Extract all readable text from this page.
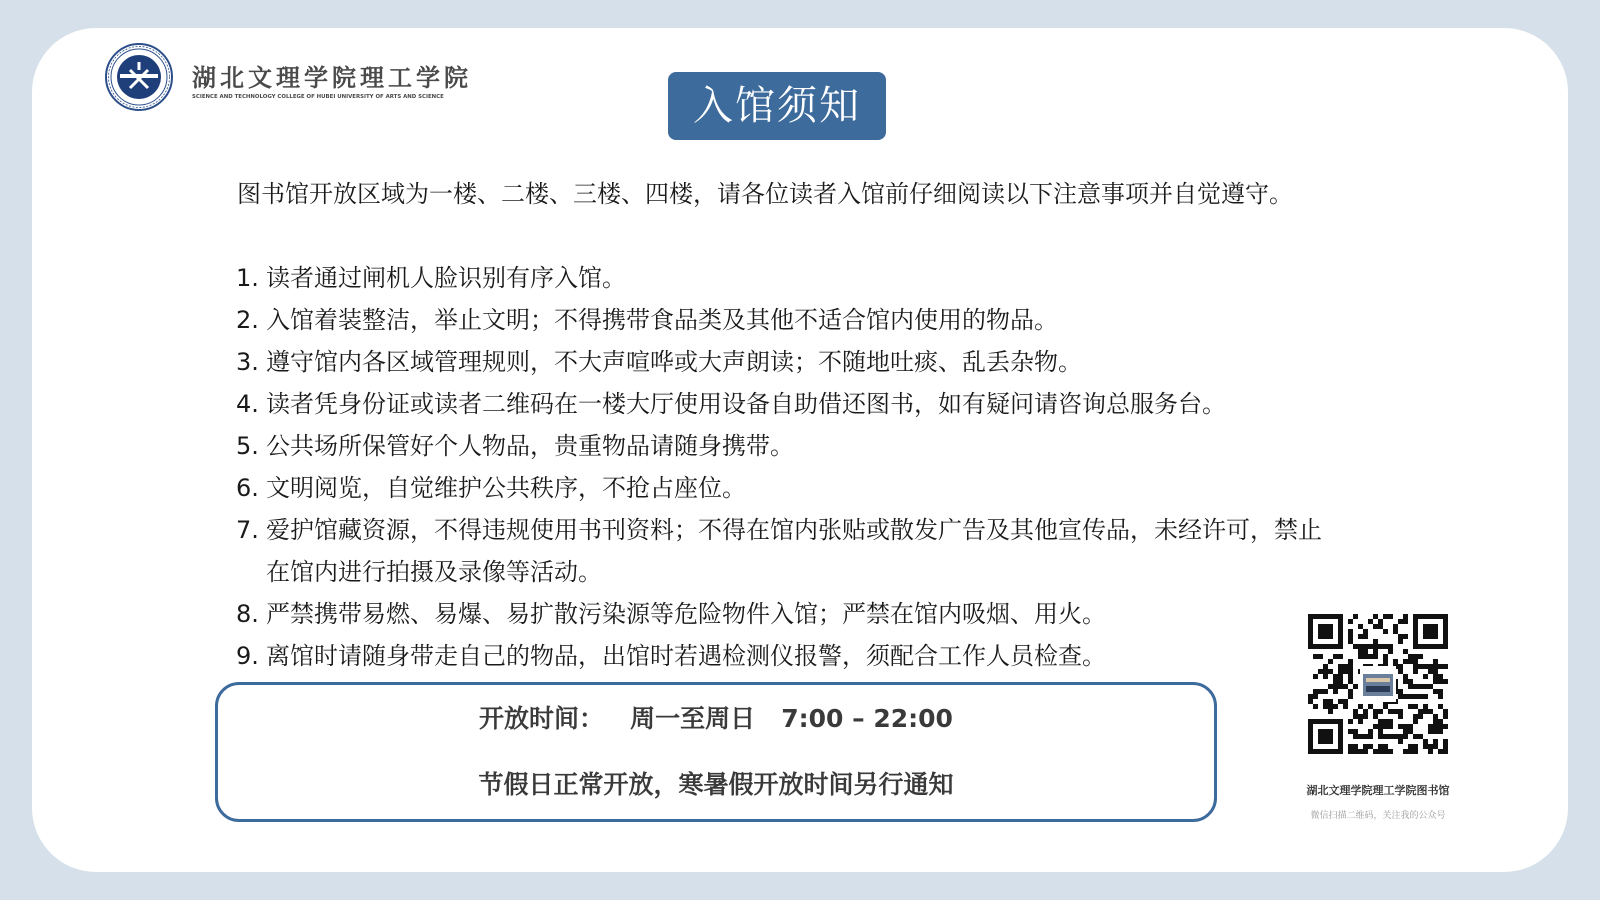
湖北文理学院理工学院
SCIENCE AND TECHNOLOGY COLLEGE OF HUBEI UNIVERSITY OF ARTS AND SCIENCE	入馆须知

图书馆开放区域为一楼、二楼、三楼、四楼，请各位读者入馆前仔细阅读以下注意事项并自觉遵守。

1. 读者通过闸机人脸识别有序入馆。
2. 入馆着装整洁，举止文明；不得携带食品类及其他不适合馆内使用的物品。
3. 遵守馆内各区域管理规则，不大声喧哗或大声朗读；不随地吐痰、乱丢杂物。
4. 读者凭身份证或读者二维码在一楼大厅使用设备自助借还图书，如有疑问请咨询总服务台。
5. 公共场所保管好个人物品，贵重物品请随身携带。
6. 文明阅览，自觉维护公共秩序，不抢占座位。
7. 爱护馆藏资源，不得违规使用书刊资料；不得在馆内张贴或散发广告及其他宣传品，未经许可，禁止在馆内进行拍摄及录像等活动。
8. 严禁携带易燃、易爆、易扩散污染源等危险物件入馆；严禁在馆内吸烟、用火。
9. 离馆时请随身带走自己的物品，出馆时若遇检测仪报警，须配合工作人员检查。
开放时间：   周一至周日   7:00 – 22:00
节假日正常开放，寒暑假开放时间另行通知	湖北文理学院理工学院图书馆
微信扫描二维码，关注我的公众号
